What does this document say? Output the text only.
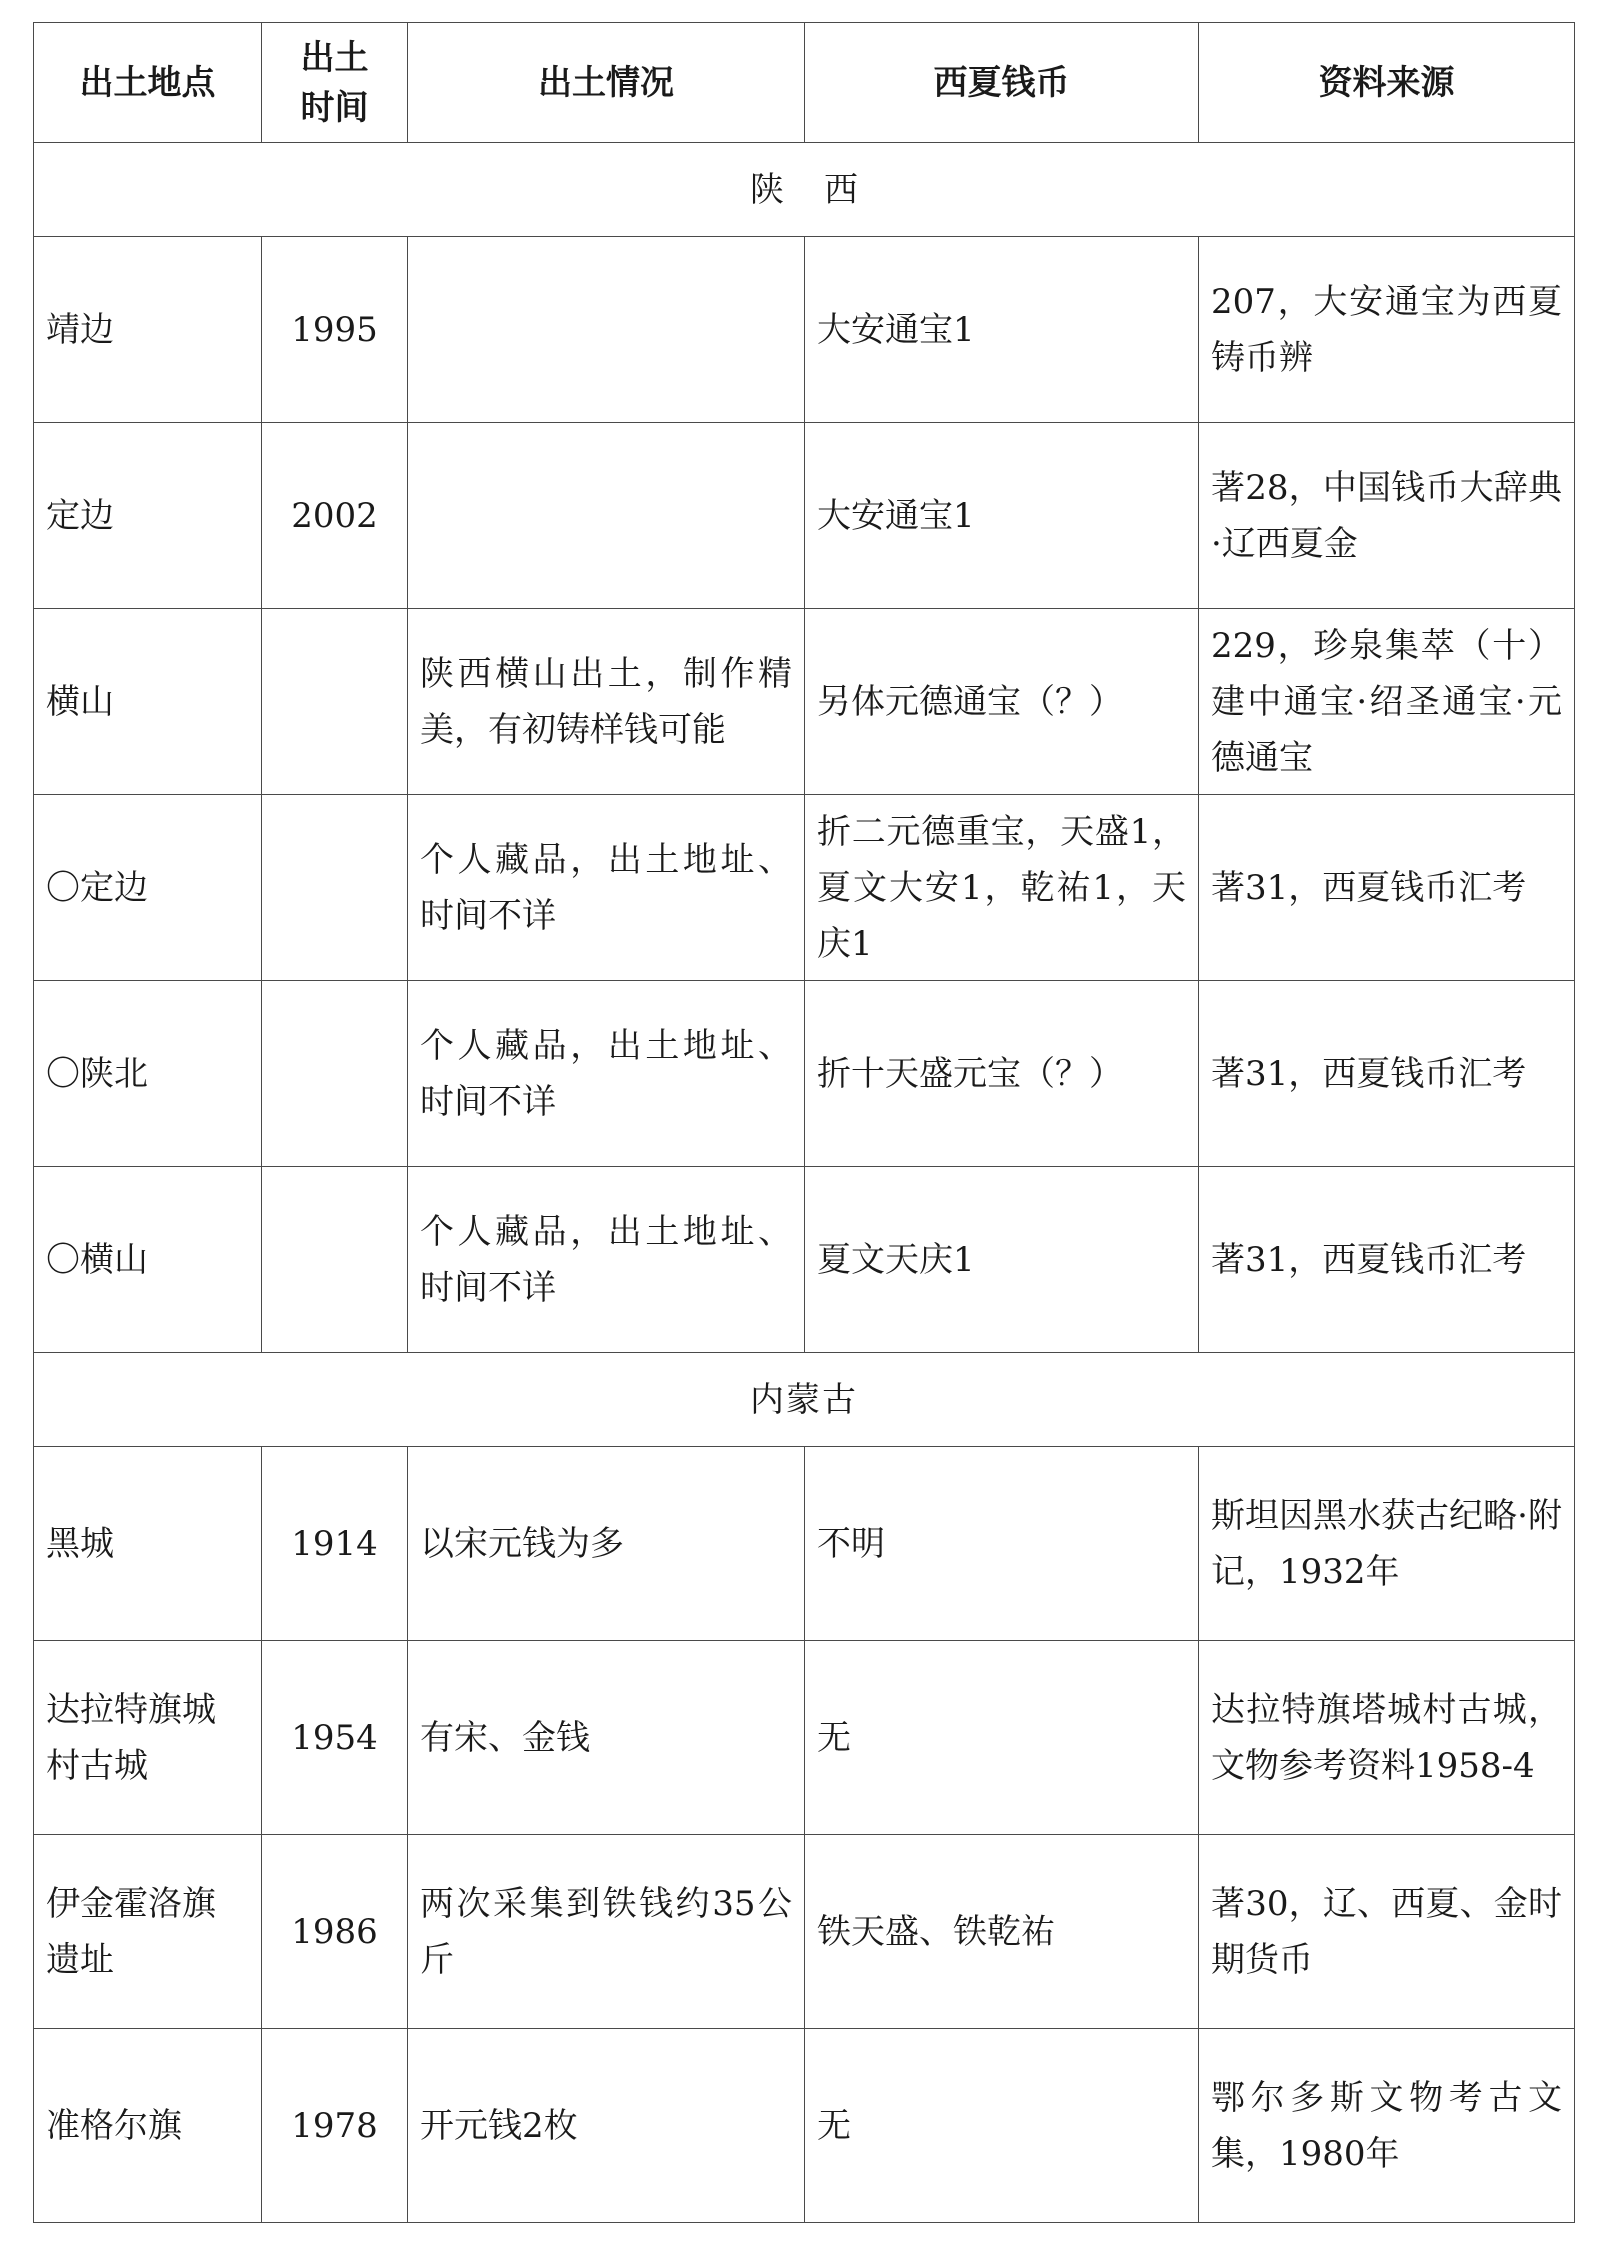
出土地点	出土时间	出土情况	西夏钱币	资料来源
陕西				
靖边	1995		大安通宝1	207，大安通宝为西夏铸币辨
定边	2002		大安通宝1	著28，中国钱币大辞典·辽西夏金
横山		陕西横山出土，制作精美，有初铸样钱可能	另体元德通宝（？）	229，珍泉集萃（十）建中通宝·绍圣通宝·元德通宝
〇定边		个人藏品，出土地址、时间不详	折二元德重宝，天盛1，夏文大安1，乾祐1，天庆1	著31，西夏钱币汇考
〇陕北		个人藏品，出土地址、时间不详	折十天盛元宝（？）	著31，西夏钱币汇考
〇横山		个人藏品，出土地址、时间不详	夏文天庆1	著31，西夏钱币汇考
内蒙古				
黑城	1914	以宋元钱为多	不明	斯坦因黑水获古纪略·附记，1932年
达拉特旗城村古城	1954	有宋、金钱	无	达拉特旗塔城村古城，文物参考资料1958-4
伊金霍洛旗遗址	1986	两次采集到铁钱约35公斤	铁天盛、铁乾祐	著30，辽、西夏、金时期货币
准格尔旗	1978	开元钱2枚	无	鄂尔多斯文物考古文集，1980年
